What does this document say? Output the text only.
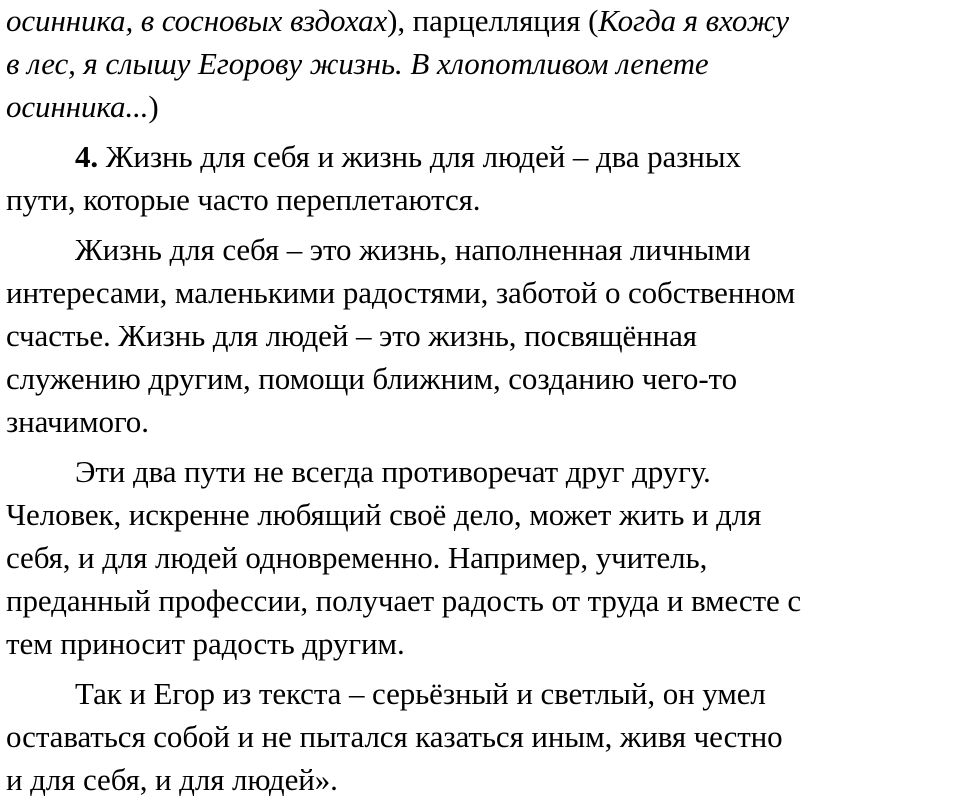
осинника, в сосновых вздохах), парцелляция (Когда я вхожу
в лес, я слышу Егорову жизнь. В хлопотливом лепете
осинника...)

4. Жизнь для себя и жизнь для людей – два разных
пути, которые часто переплетаются.

Жизнь для себя – это жизнь, наполненная личными
интересами, маленькими радостями, заботой о собственном
счастье. Жизнь для людей – это жизнь, посвящённая
служению другим, помощи ближним, созданию чего-то
значимого.

Эти два пути не всегда противоречат друг другу.
Человек, искренне любящий своё дело, может жить и для
себя, и для людей одновременно. Например, учитель,
преданный профессии, получает радость от труда и вместе с
тем приносит радость другим.

Так и Егор из текста – серьёзный и светлый, он умел
оставаться собой и не пытался казаться иным, живя честно
и для себя, и для людей».
